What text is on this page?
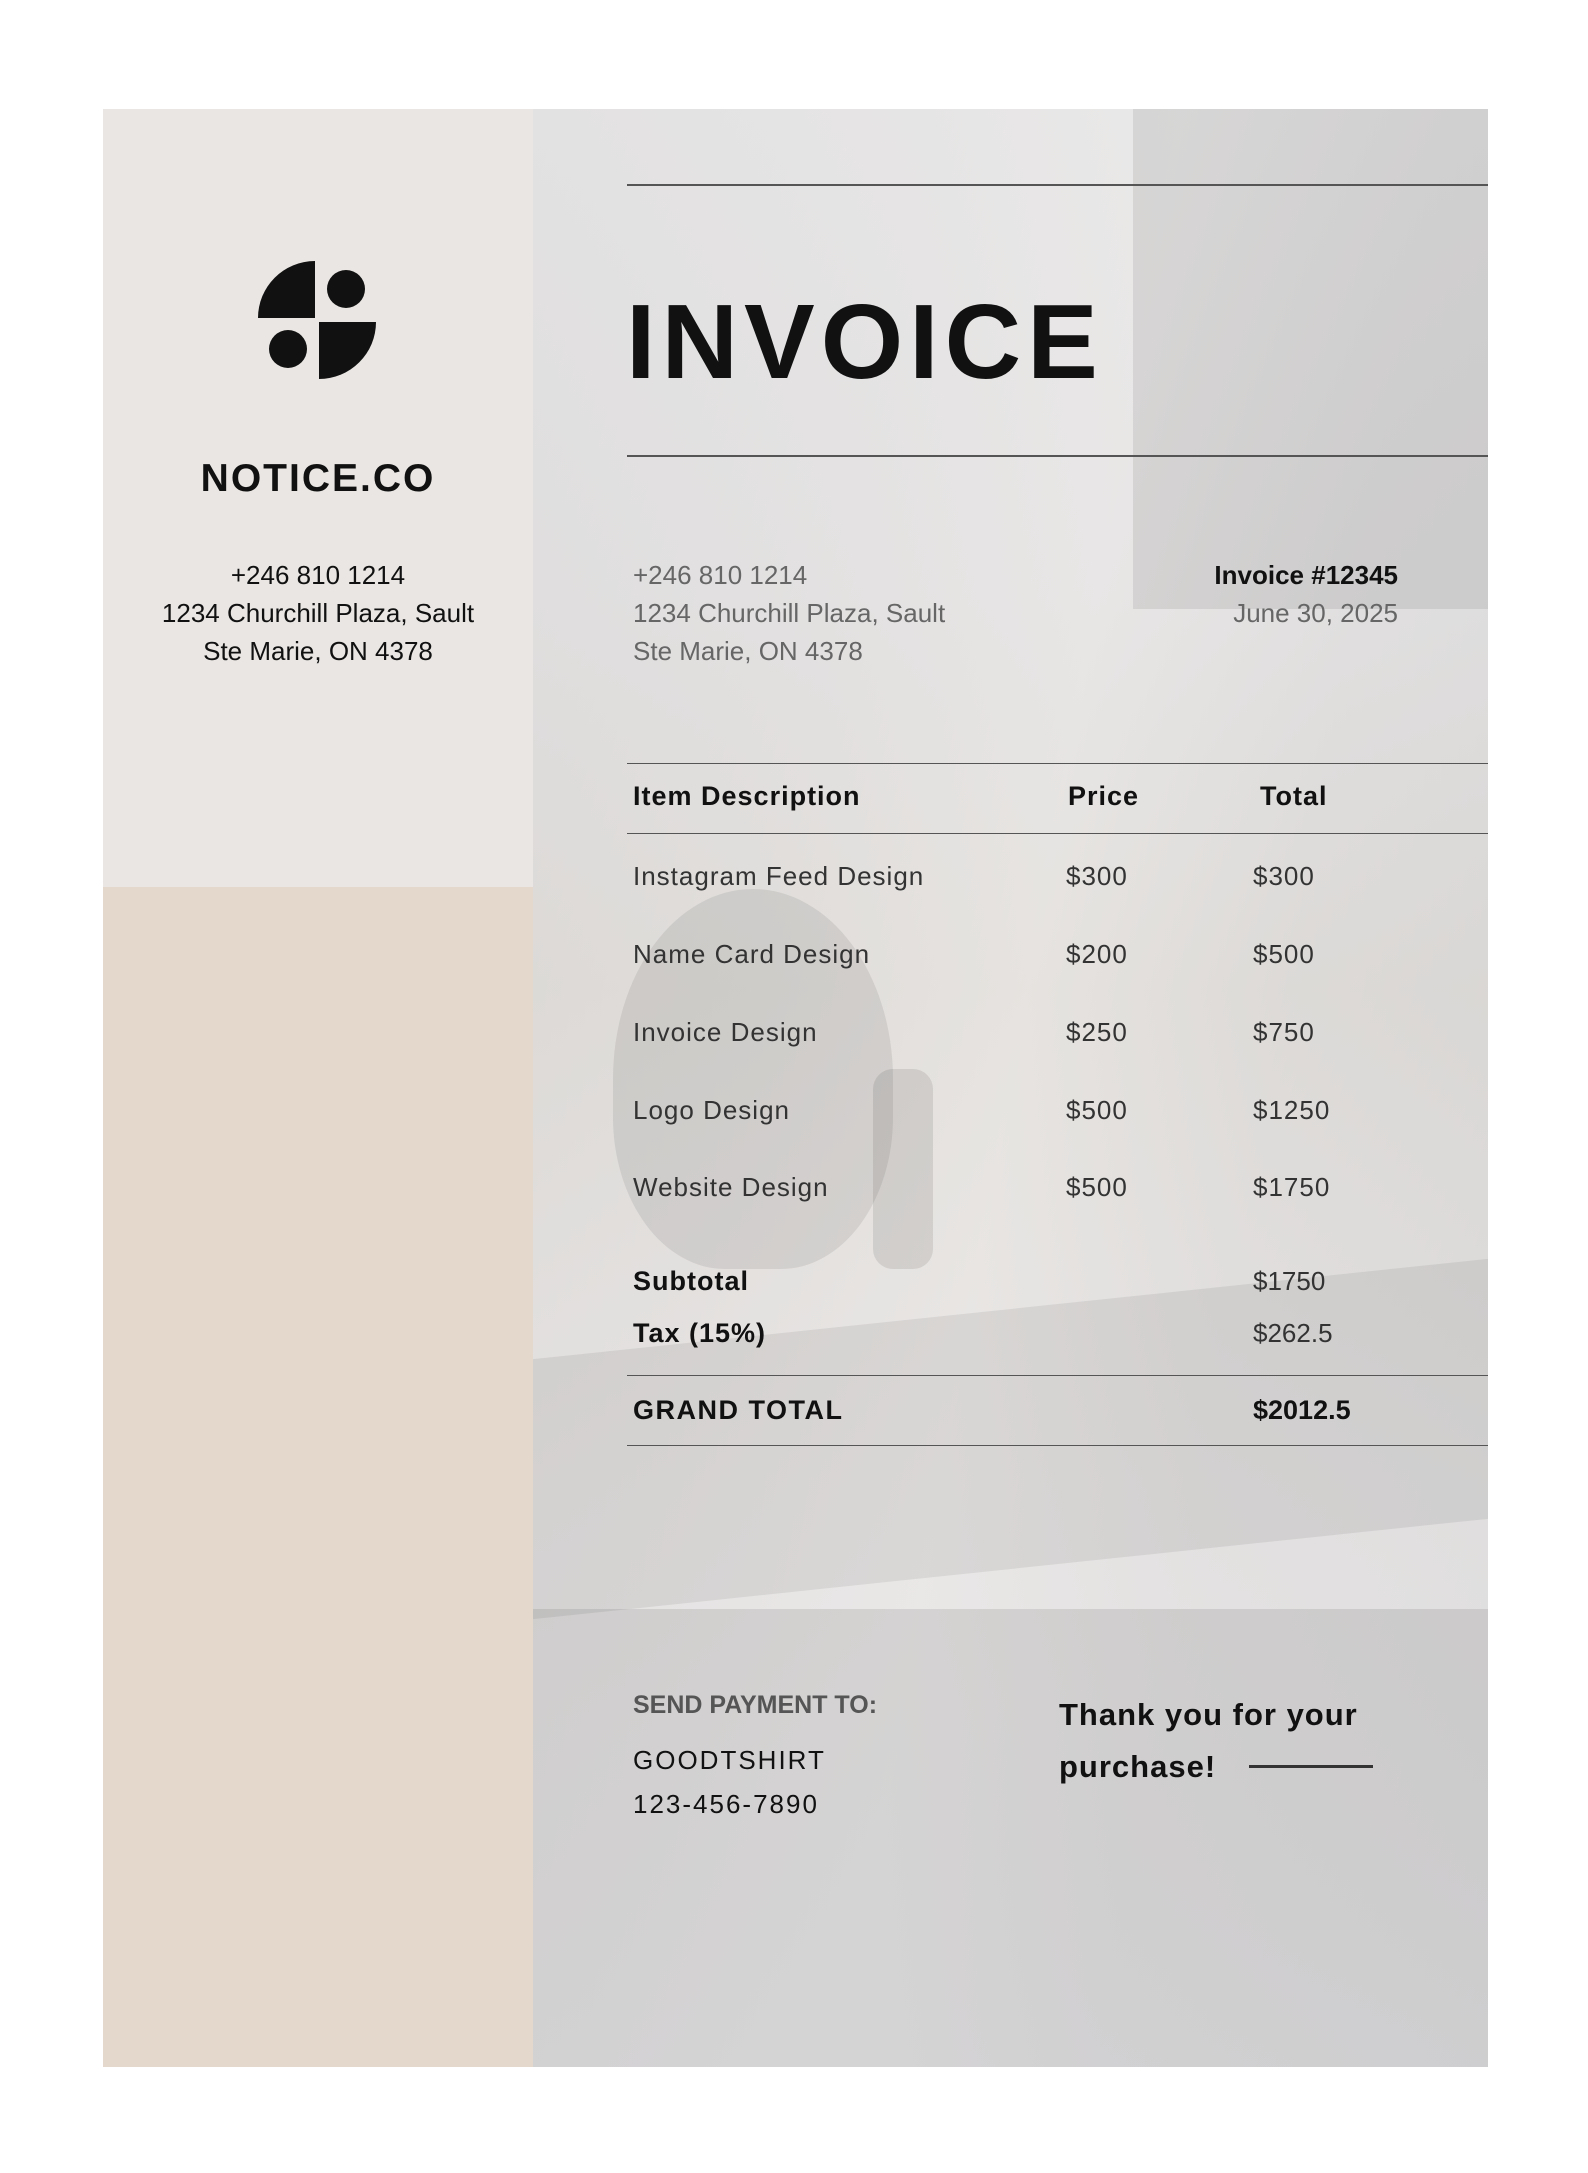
NOTICE.CO
+246 810 1214
1234 Churchill Plaza, Sault
Ste Marie, ON 4378
INVOICE
+246 810 1214
1234 Churchill Plaza, Sault
Ste Marie, ON 4378
Invoice #12345
June 30, 2025
Item Description	Price	Total
Instagram Feed Design	$300	$300
Name Card Design	$200	$500
Invoice Design	$250	$750
Logo Design	$500	$1250
Website Design	$500	$1750
Subtotal	$1750
Tax (15%)	$262.5
GRAND TOTAL	$2012.5
SEND PAYMENT TO:
GOODTSHIRT
123-456-7890
Thank you for your
purchase!
